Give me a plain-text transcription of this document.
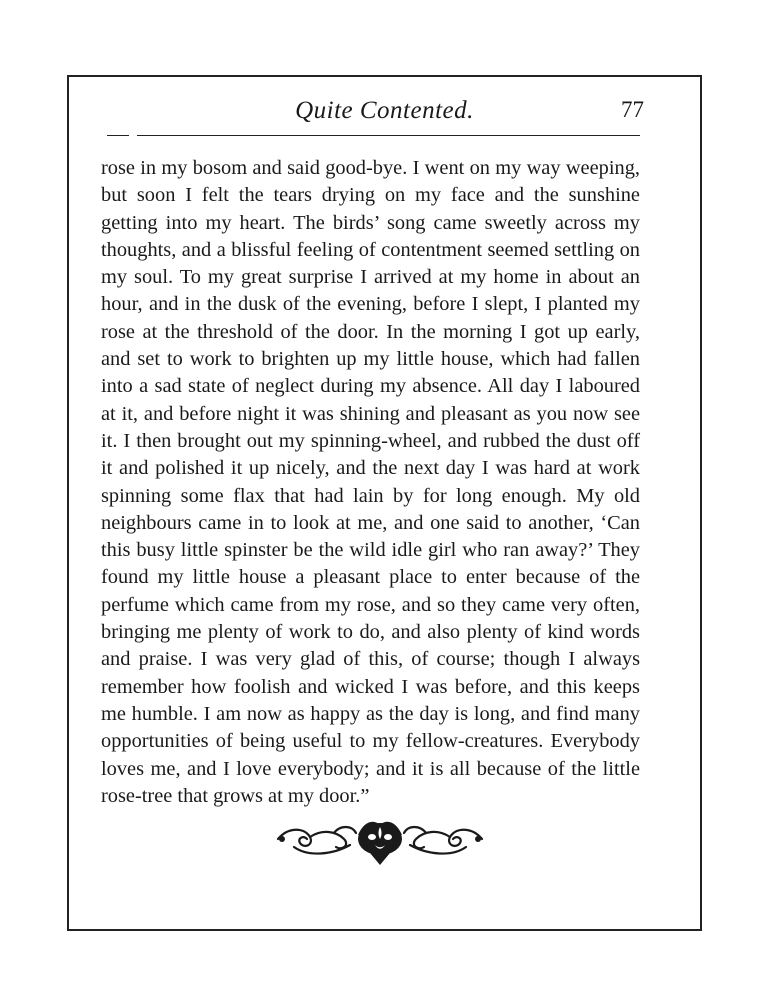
Quite Contented.	77
rose in my bosom and said good-bye. I went on my way weeping, but soon I felt the tears drying on my face and the sunshine getting into my heart. The birds’ song came sweetly across my thoughts, and a blissful feeling of contentment seemed settling on my soul. To my great surprise I arrived at my home in about an hour, and in the dusk of the evening, before I slept, I planted my rose at the threshold of the door. In the morning I got up early, and set to work to brighten up my little house, which had fallen into a sad state of neglect during my absence. All day I laboured at it, and before night it was shining and pleasant as you now see it. I then brought out my spinning-wheel, and rubbed the dust off it and polished it up nicely, and the next day I was hard at work spinning some flax that had lain by for long enough. My old neighbours came in to look at me, and one said to another, ‘Can this busy little spinster be the wild idle girl who ran away?’ They found my little house a pleasant place to enter because of the perfume which came from my rose, and so they came very often, bringing me plenty of work to do, and also plenty of kind words and praise. I was very glad of this, of course; though I always remember how foolish and wicked I was before, and this keeps me humble. I am now as happy as the day is long, and find many opportunities of being useful to my fellow-creatures. Everybody loves me, and I love everybody; and it is all because of the little rose-tree that grows at my door.”
